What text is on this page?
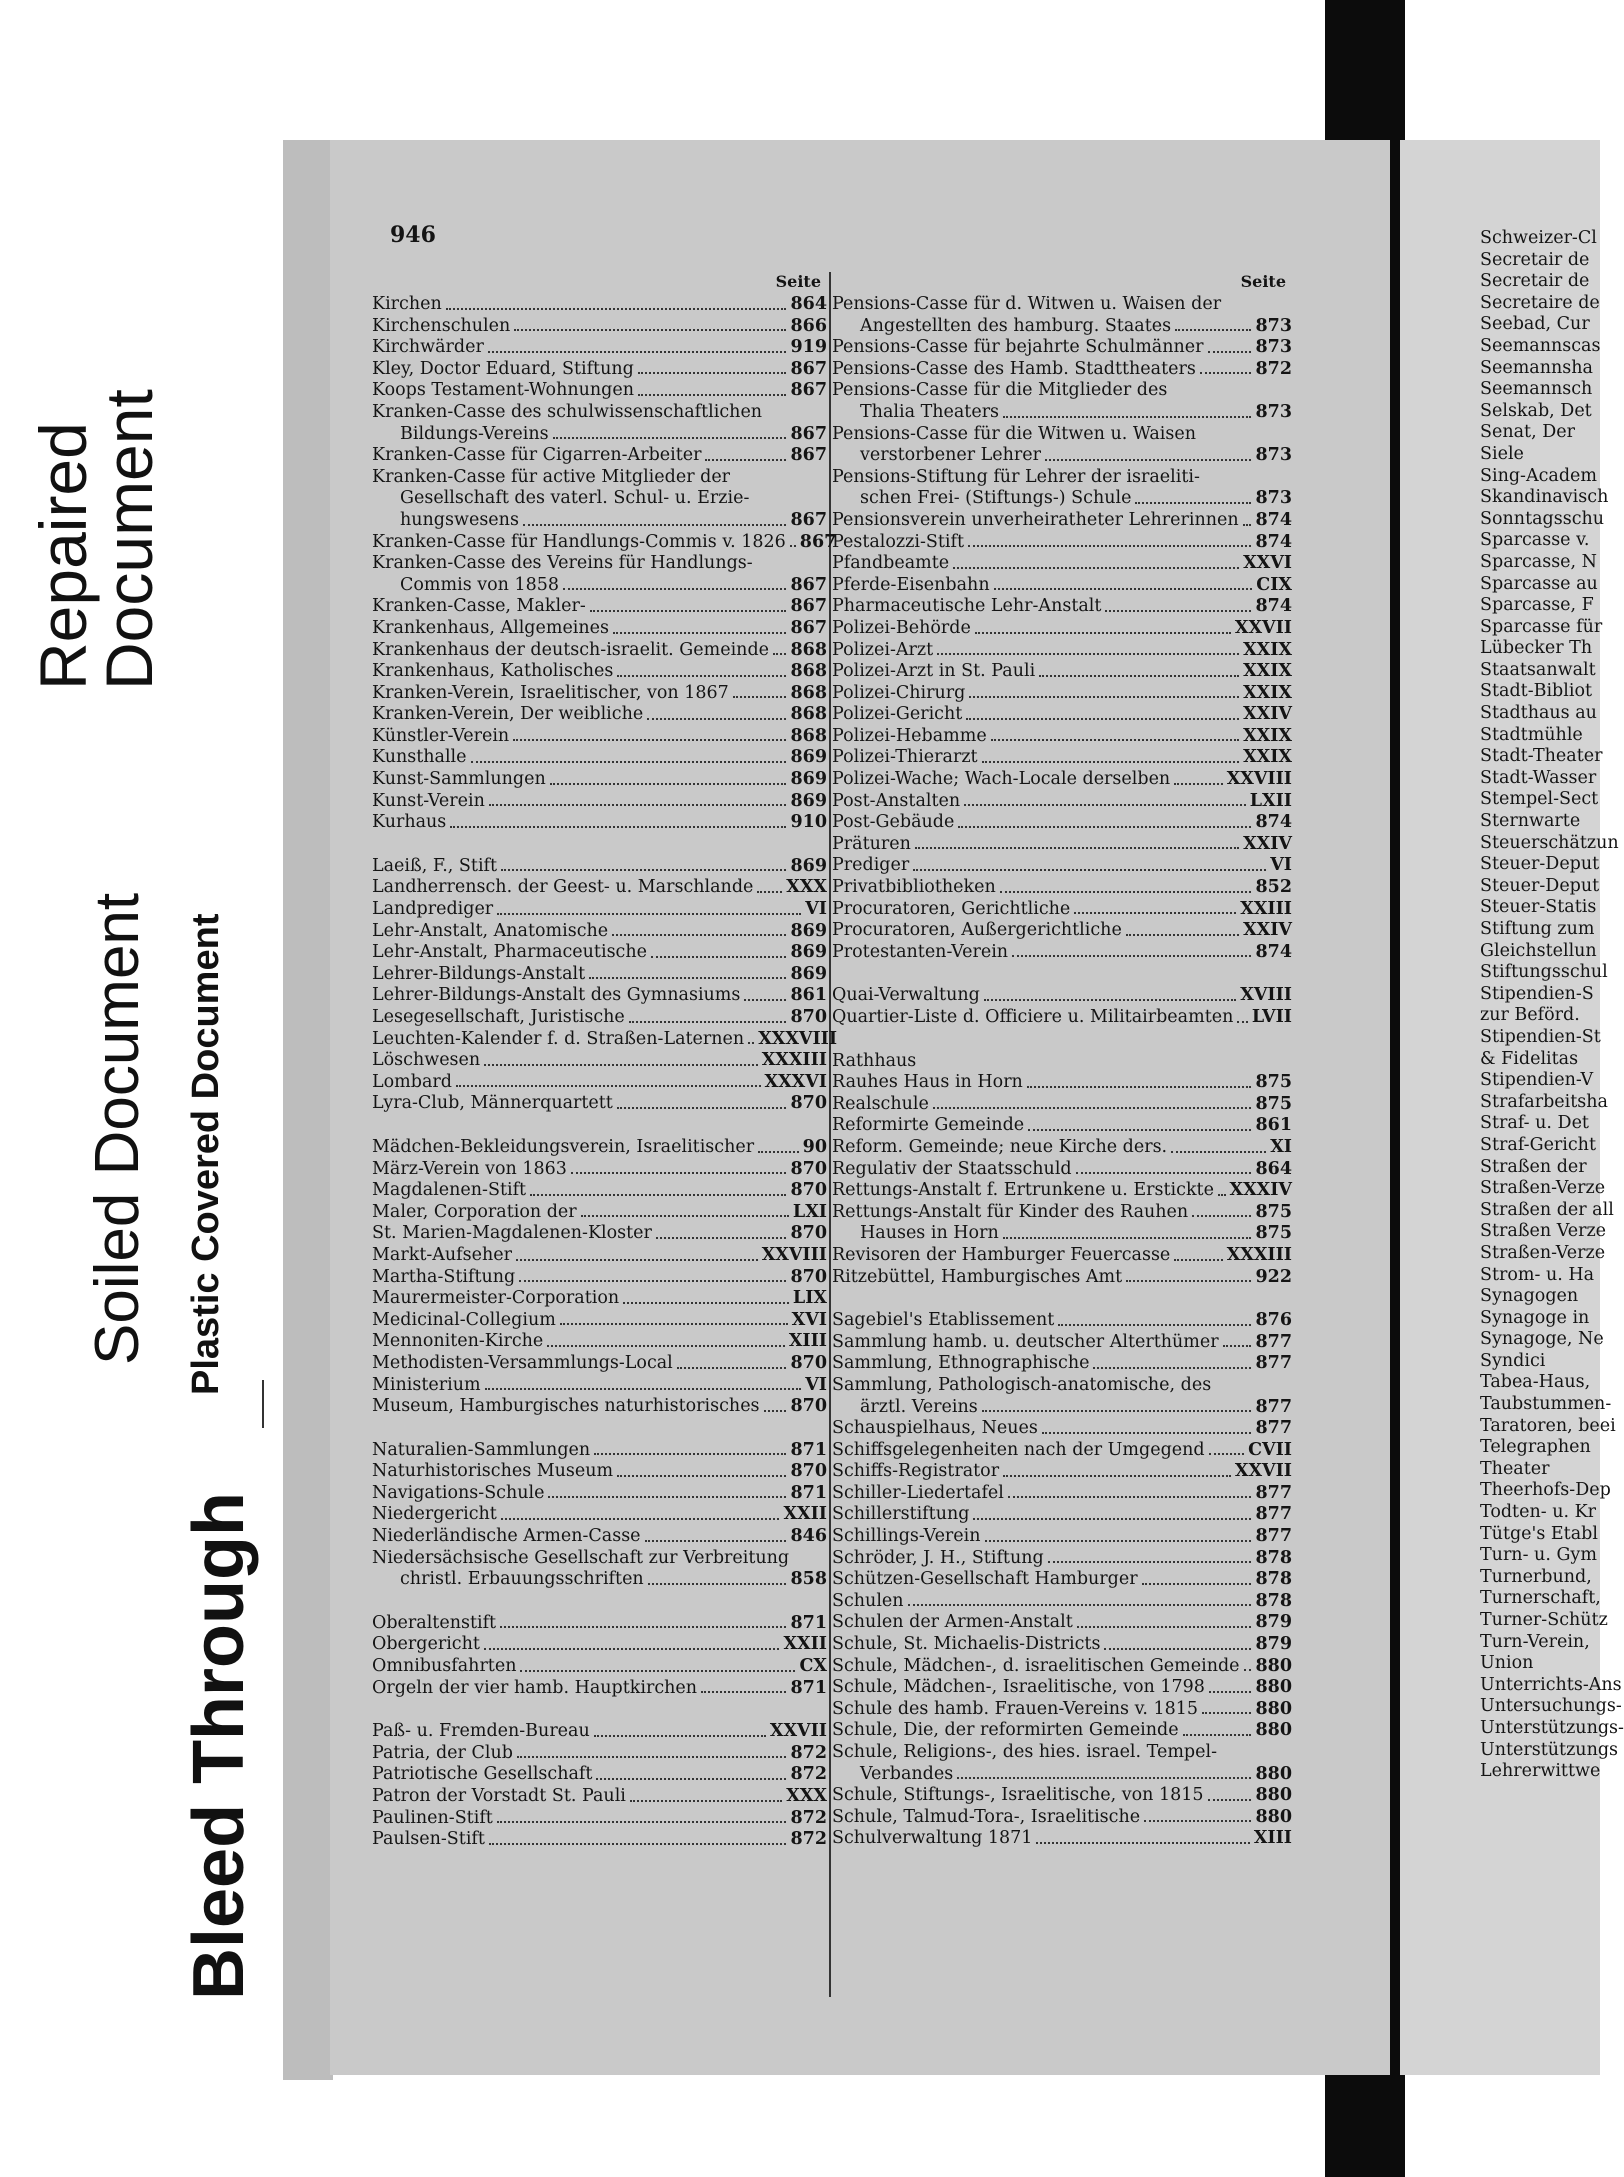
Repaired
Document
Soiled Document Plastic Covered Document
Bleed Through
946
Seite
Kirchen	864
Kirchenschulen	866
Kirchwärder	919
Kley, Doctor Eduard, Stiftung	867
Koops Testament-Wohnungen	867
Kranken-Casse des schulwissenschaftlichen
Bildungs-Vereins	867
Kranken-Casse für Cigarren-Arbeiter	867
Kranken-Casse für active Mitglieder der
Gesellschaft des vaterl. Schul- u. Erzie-
hungswesens	867
Kranken-Casse für Handlungs-Commis v. 1826 867
Kranken-Casse des Vereins für Handlungs-
Commis von 1858	867
Kranken-Casse, Makler-	867
Krankenhaus, Allgemeines	867
Krankenhaus der deutsch-israelit. Gemeinde 868
Krankenhaus, Katholisches	868
Kranken-Verein, Israelitischer, von 1867	868
Kranken-Verein, Der weibliche	868
Künstler-Verein	868
Kunsthalle	869
Kunst-Sammlungen	869
Kunst-Verein	869
Kurhaus	910
Laeiß, F., Stift	869
Landherrensch. der Geest- u. Marschlande XXX
Landprediger	VI
Lehr-Anstalt, Anatomische	869
Lehr-Anstalt, Pharmaceutische	869
Lehrer-Bildungs-Anstalt	869
Lehrer-Bildungs-Anstalt des Gymnasiums	861
Lesegesellschaft, Juristische	870
Leuchten-Kalender f. d. Straßen-Laternen XXXVIII
Löschwesen	XXXIII
Lombard	XXXVI
Lyra-Club, Männerquartett	870
Mädchen-Bekleidungsverein, Israelitischer	90
März-Verein von 1863	870
Magdalenen-Stift	870
Maler, Corporation der	LXI
St. Marien-Magdalenen-Kloster	870
Markt-Aufseher	XXVIII
Martha-Stiftung	870
Maurermeister-Corporation	LIX
Medicinal-Collegium	XVI
Mennoniten-Kirche	XIII
Methodisten-Versammlungs-Local	870
Ministerium	VI
Museum, Hamburgisches naturhistorisches 870
Naturalien-Sammlungen	871
Naturhistorisches Museum	870
Navigations-Schule	871
Niedergericht	XXII
Niederländische Armen-Casse	846
Niedersächsische Gesellschaft zur Verbreitung
christl. Erbauungsschriften	858
Oberaltenstift	871
Obergericht	XXII
Omnibusfahrten	CX
Orgeln der vier hamb. Hauptkirchen	871
Paß- u. Fremden-Bureau	XXVII
Patria, der Club	872
Patriotische Gesellschaft	872
Patron der Vorstadt St. Pauli	XXX
Paulinen-Stift	872
Paulsen-Stift	872
Seite
Pensions-Casse für d. Witwen u. Waisen der
Angestellten des hamburg. Staates	873
Pensions-Casse für bejahrte Schulmänner	873
Pensions-Casse des Hamb. Stadttheaters	872
Pensions-Casse für die Mitglieder des
Thalia Theaters	873
Pensions-Casse für die Witwen u. Waisen
verstorbener Lehrer	873
Pensions-Stiftung für Lehrer der israeliti-
schen Frei- (Stiftungs-) Schule	873
Pensionsverein unverheiratheter Lehrerinnen 874
Pestalozzi-Stift	874
Pfandbeamte	XXVI
Pferde-Eisenbahn	CIX
Pharmaceutische Lehr-Anstalt	874
Polizei-Behörde	XXVII
Polizei-Arzt	XXIX
Polizei-Arzt in St. Pauli	XXIX
Polizei-Chirurg	XXIX
Polizei-Gericht	XXIV
Polizei-Hebamme	XXIX
Polizei-Thierarzt	XXIX
Polizei-Wache; Wach-Locale derselben	XXVIII
Post-Anstalten	LXII
Post-Gebäude	874
Präturen	XXIV
Prediger	VI
Privatbibliotheken	852
Procuratoren, Gerichtliche	XXIII
Procuratoren, Außergerichtliche	XXIV
Protestanten-Verein	874
Quai-Verwaltung	XVIII
Quartier-Liste d. Officiere u. Militairbeamten LVII
Rathhaus
Rauhes Haus in Horn	875
Realschule	875
Reformirte Gemeinde	861
Reform. Gemeinde; neue Kirche ders.	XI
Regulativ der Staatsschuld	864
Rettungs-Anstalt f. Ertrunkene u. Erstickte XXXIV
Rettungs-Anstalt für Kinder des Rauhen	875
Hauses in Horn	875
Revisoren der Hamburger Feuercasse	XXXIII
Ritzebüttel, Hamburgisches Amt	922
Sagebiel's Etablissement	876
Sammlung hamb. u. deutscher Alterthümer 877
Sammlung, Ethnographische	877
Sammlung, Pathologisch-anatomische, des
ärztl. Vereins	877
Schauspielhaus, Neues	877
Schiffsgelegenheiten nach der Umgegend CVII
Schiffs-Registrator	XXVII
Schiller-Liedertafel	877
Schillerstiftung	877
Schillings-Verein	877
Schröder, J. H., Stiftung	878
Schützen-Gesellschaft Hamburger	878
Schulen	878
Schulen der Armen-Anstalt	879
Schule, St. Michaelis-Districts	879
Schule, Mädchen-, d. israelitischen Gemeinde 880
Schule, Mädchen-, Israelitische, von 1798	880
Schule des hamb. Frauen-Vereins v. 1815	880
Schule, Die, der reformirten Gemeinde	880
Schule, Religions-, des hies. israel. Tempel-
Verbandes	880
Schule, Stiftungs-, Israelitische, von 1815	880
Schule, Talmud-Tora-, Israelitische	880
Schulverwaltung 1871	XIII
Schweizer-Cl
Secretair de
Secretair de
Secretaire de
Seebad, Cur
Seemannscas
Seemannsha
Seemannsch
Selskab, Det
Senat, Der
Siele
Sing-Academ
Skandinavisch
Sonntagsschu
Sparcasse v.
Sparcasse, N
Sparcasse au
Sparcasse, F
Sparcasse für
Lübecker Th
Staatsanwalt
Stadt-Bibliot
Stadthaus au
Stadtmühle
Stadt-Theater
Stadt-Wasser
Stempel-Sect
Sternwarte
Steuerschätzun
Steuer-Deput
Steuer-Deput
Steuer-Statis
Stiftung zum
Gleichstellun
Stiftungsschul
Stipendien-S
zur Beförd.
Stipendien-St
& Fidelitas
Stipendien-V
Strafarbeitsha
Straf- u. Det
Straf-Gericht
Straßen der
Straßen-Verze
Straßen der all
Straßen Verze
Straßen-Verze
Strom- u. Ha
Synagogen
Synagoge in
Synagoge, Ne
Syndici
Tabea-Haus,
Taubstummen-
Taratoren, beei
Telegraphen
Theater
Theerhofs-Dep
Todten- u. Kr
Tütge's Etabl
Turn- u. Gym
Turnerbund,
Turnerschaft,
Turner-Schütz
Turn-Verein,
Union
Unterrichts-Ans
Untersuchungs-
Unterstützungs-
Unterstützungs
Lehrerwittwe
